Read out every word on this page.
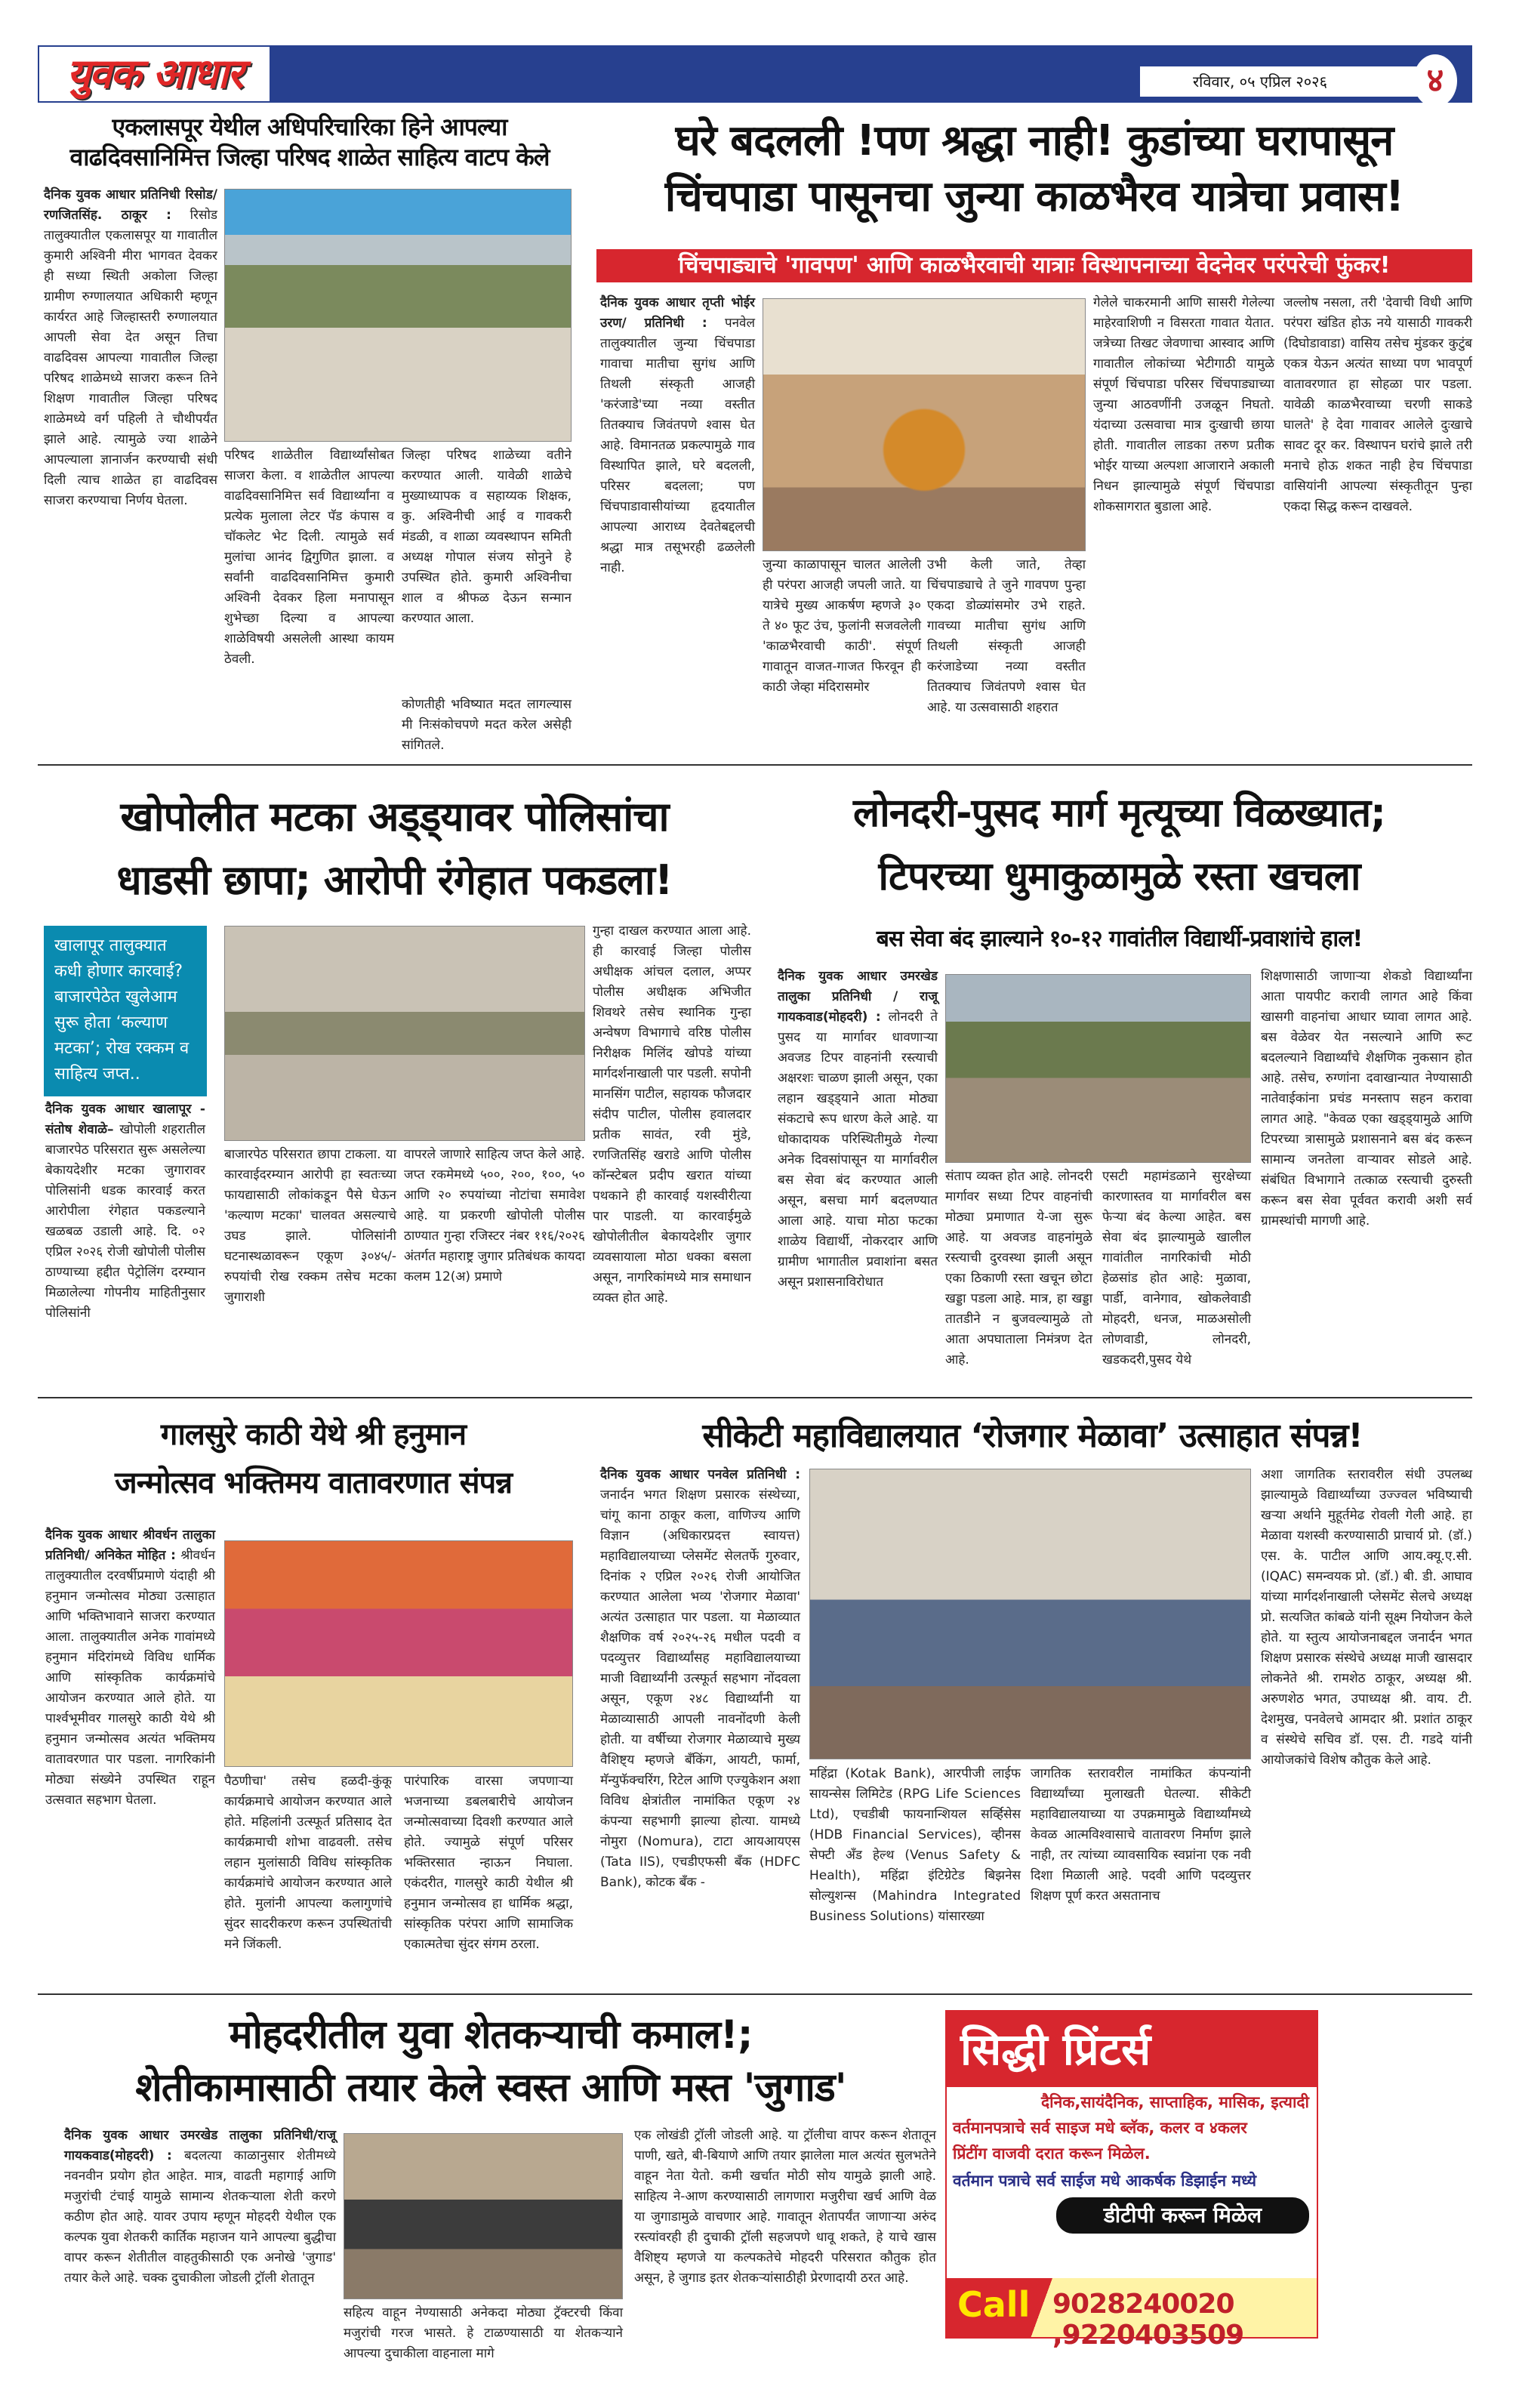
युवक आधार	रविवार, ०५ एप्रिल २०२६	४
एकलासपूर येथील अधिपरिचारिका हिने आपल्या
वाढदिवसानिमित्त जिल्हा परिषद शाळेत साहित्य वाटप केले
दैनिक युवक आधार प्रतिनिधी रिसोड/ रणजितसिंह. ठाकूर : रिसोड तालुक्यातील एकलासपूर या गावातील कुमारी अश्विनी मीरा भागवत देवकर ही सध्या स्थिती अकोला जिल्हा ग्रामीण रुग्णालयात अधिकारी म्हणून कार्यरत आहे जिल्हास्तरी रुग्णालयात आपली सेवा देत असून तिचा वाढदिवस आपल्या गावातील जिल्हा परिषद शाळेमध्ये साजरा करून तिने शिक्षण गावातील जिल्हा परिषद शाळेमध्ये वर्ग पहिली ते चौथीपर्यंत झाले आहे. त्यामुळे ज्या शाळेने आपल्याला ज्ञानार्जन करण्याची संधी दिली त्याच शाळेत हा वाढदिवस साजरा करण्याचा निर्णय घेतला.
परिषद शाळेतील विद्यार्थ्यांसोबत साजरा केला. व शाळेतील आपल्या वाढदिवसानिमित्त सर्व विद्यार्थ्यांना व प्रत्येक मुलाला लेटर पॅड कंपास व चॉकलेट भेट दिली. त्यामुळे सर्व मुलांचा आनंद द्विगुणित झाला. व सर्वांनी वाढदिवसानिमित्त कुमारी अश्विनी देवकर हिला मनापासून शुभेच्छा दिल्या व आपल्या शाळेविषयी असलेली आस्था कायम ठेवली.
जिल्हा परिषद शाळेच्या वतीने करण्यात आली. यावेळी शाळेचे मुख्याध्यापक व सहाय्यक शिक्षक, कु. अश्विनीची आई व गावकरी मंडळी, व शाळा व्यवस्थापन समिती अध्यक्ष गोपाल संजय सोनुने हे उपस्थित होते. कुमारी अश्विनीचा शाल व श्रीफळ देऊन सन्मान करण्यात आला.
कोणतीही भविष्यात मदत लागल्यास मी निःसंकोचपणे मदत करेल असेही सांगितले.
घरे बदलली !पण श्रद्धा नाही! कुडांच्या घरापासून
चिंचपाडा पासूनचा जुन्या काळभैरव यात्रेचा प्रवास!
चिंचपाड्याचे 'गावपण' आणि काळभैरवाची यात्राः विस्थापनाच्या वेदनेवर परंपरेची फुंकर!
दैनिक युवक आधार तृप्ती भोईर उरण/ प्रतिनिधी : पनवेल तालुक्यातील जुन्या चिंचपाडा गावाचा मातीचा सुगंध आणि तिथली संस्कृती आजही 'करंजाडे'च्या नव्या वस्तीत तितक्याच जिवंतपणे श्वास घेत आहे. विमानतळ प्रकल्पामुळे गाव विस्थापित झाले, घरे बदलली, परिसर बदलला; पण चिंचपाडावासीयांच्या हृदयातील आपल्या आराध्य देवतेबद्दलची श्रद्धा मात्र तसूभरही ढळलेली नाही.	जुन्या काळापासून चालत आलेली ही परंपरा आजही जपली जाते. या यात्रेचे मुख्य आकर्षण म्हणजे ३० ते ४० फूट उंच, फुलांनी सजवलेली 'काळभैरवाची काठी'. संपूर्ण गावातून वाजत-गाजत फिरवून ही काठी जेव्हा मंदिरासमोर
उभी केली जाते, तेव्हा चिंचपाड्याचे ते जुने गावपण पुन्हा एकदा डोळ्यांसमोर उभे राहते. गावच्या मातीचा सुगंध आणि तिथली संस्कृती आजही करंजाडेच्या नव्या वस्तीत तितक्याच जिवंतपणे श्वास घेत आहे. या उत्सवासाठी शहरात
गेलेले चाकरमानी आणि सासरी गेलेल्या माहेरवाशिणी न विसरता गावात येतात. जत्रेच्या तिखट जेवणाचा आस्वाद आणि गावातील लोकांच्या भेटीगाठी यामुळे संपूर्ण चिंचपाडा परिसर चिंचपाड्याच्या जुन्या आठवणींनी उजळून निघतो. यंदाच्या उत्सवाचा मात्र दुःखाची छाया होती. गावातील लाडका तरुण प्रतीक भोईर याच्या अल्पशा आजाराने अकाली निधन झाल्यामुळे संपूर्ण चिंचपाडा शोकसागरात बुडाला आहे.
जल्लोष नसला, तरी 'देवाची विधी आणि परंपरा खंडित होऊ नये यासाठी गावकरी (दिघोडावाडा) वासिय तसेच मुंडकर कुटुंब एकत्र येऊन अत्यंत साध्या पण भावपूर्ण वातावरणात हा सोहळा पार पडला. यावेळी काळभैरवाच्या चरणी साकडे घालते' हे देवा गावावर आलेले दुःखाचे सावट दूर कर. विस्थापन घरांचे झाले तरी मनाचे होऊ शकत नाही हेच चिंचपाडा वासियांनी आपल्या संस्कृतीतून पुन्हा एकदा सिद्ध करून दाखवले.
खोपोलीत मटका अड्ड्यावर पोलिसांचा
धाडसी छापा; आरोपी रंगेहात पकडला!
खालापूर तालुक्यात कधी होणार कारवाई? बाजारपेठेत खुलेआम सुरू होता ‘कल्याण मटका’; रोख रक्कम व साहित्य जप्त..
दैनिक युवक आधार खालापूर - संतोष शेवाळे– खोपोली शहरातील बाजारपेठ परिसरात सुरू असलेल्या बेकायदेशीर मटका जुगारावर पोलिसांनी धडक कारवाई करत आरोपीला रंगेहात पकडल्याने खळबळ उडाली आहे. दि. ०२ एप्रिल २०२६ रोजी खोपोली पोलीस ठाण्याच्या हद्दीत पेट्रोलिंग दरम्यान मिळालेल्या गोपनीय माहितीनुसार पोलिसांनी
बाजारपेठ परिसरात छापा टाकला. या कारवाईदरम्यान आरोपी हा स्वतःच्या फायद्यासाठी लोकांकडून पैसे घेऊन 'कल्याण मटका' चालवत असल्याचे उघड झाले. पोलिसांनी घटनास्थळावरून एकूण ३०४५/- रुपयांची रोख रक्कम तसेच मटका जुगाराशी
वापरले जाणारे साहित्य जप्त केले आहे. जप्त रकमेमध्ये ५००, २००, १००, ५० आणि २० रुपयांच्या नोटांचा समावेश आहे. या प्रकरणी खोपोली पोलीस ठाण्यात गुन्हा रजिस्टर नंबर ११६/२०२६ अंतर्गत महाराष्ट्र जुगार प्रतिबंधक कायदा कलम 12(अ) प्रमाणे
गुन्हा दाखल करण्यात आला आहे. ही कारवाई जिल्हा पोलीस अधीक्षक आंचल दलाल, अप्पर पोलीस अधीक्षक अभिजीत शिवथरे तसेच स्थानिक गुन्हा अन्वेषण विभागाचे वरिष्ठ पोलीस निरीक्षक मिलिंद खोपडे यांच्या मार्गदर्शनाखाली पार पडली. सपोनी मानसिंग पाटील, सहायक फौजदार संदीप पाटील, पोलीस हवालदार प्रतीक सावंत, रवी मुंडे, रणजितसिंह खराडे आणि पोलीस कॉन्स्टेबल प्रदीप खरात यांच्या पथकाने ही कारवाई यशस्वीरीत्या पार पाडली. या कारवाईमुळे खोपोलीतील बेकायदेशीर जुगार व्यवसायाला मोठा धक्का बसला असून, नागरिकांमध्ये मात्र समाधान व्यक्त होत आहे.
लोनदरी-पुसद मार्ग मृत्यूच्या विळख्यात;
टिपरच्या धुमाकुळामुळे रस्ता खचला
बस सेवा बंद झाल्याने १०-१२ गावांतील विद्यार्थी-प्रवाशांचे हाल!
दैनिक युवक आधार उमरखेड तालुका प्रतिनिधी / राजू गायकवाड(मोहदरी) : लोनदरी ते पुसद या मार्गावर धावणाऱ्या अवजड टिपर वाहनांनी रस्त्याची अक्षरशः चाळण झाली असून, एका लहान खड्ड्याने आता मोठ्या संकटाचे रूप धारण केले आहे. या धोकादायक परिस्थितीमुळे गेल्या अनेक दिवसांपासून या मार्गावरील बस सेवा बंद करण्यात आली असून, बसचा मार्ग बदलण्यात आला आहे. याचा मोठा फटका शाळेय विद्यार्थी, नोकरदार आणि ग्रामीण भागातील प्रवाशांना बसत असून प्रशासनाविरोधात
संताप व्यक्त होत आहे. लोनदरी मार्गावर सध्या टिपर वाहनांची मोठ्या प्रमाणात ये-जा सुरू आहे. या अवजड वाहनांमुळे रस्त्याची दुरवस्था झाली असून एका ठिकाणी रस्ता खचून छोटा खड्डा पडला आहे. मात्र, हा खड्डा तातडीने न बुजवल्यामुळे तो आता अपघाताला निमंत्रण देत आहे.
एसटी महामंडळाने सुरक्षेच्या कारणास्तव या मार्गावरील बस फेऱ्या बंद केल्या आहेत. बस सेवा बंद झाल्यामुळे खालील गावांतील नागरिकांची मोठी हेळसांड होत आहे: मुळावा, पार्डी, वानेगाव, खोकलेवाडी मोहदरी, धनज, माळअसोली लोणवाडी, लोनदरी, खडकदरी,पुसद येथे
शिक्षणासाठी जाणाऱ्या शेकडो विद्यार्थ्यांना आता पायपीट करावी लागत आहे किंवा खासगी वाहनांचा आधार घ्यावा लागत आहे. बस वेळेवर येत नसल्याने आणि रूट बदलल्याने विद्यार्थ्यांचे शैक्षणिक नुकसान होत आहे. तसेच, रुग्णांना दवाखान्यात नेण्यासाठी नातेवाईकांना प्रचंड मनस्ताप सहन करावा लागत आहे. "केवळ एका खड्ड्यामुळे आणि टिपरच्या त्रासामुळे प्रशासनाने बस बंद करून सामान्य जनतेला वाऱ्यावर सोडले आहे. संबंधित विभागाने तत्काळ रस्त्याची दुरुस्ती करून बस सेवा पूर्ववत करावी अशी सर्व ग्रामस्थांची मागणी आहे.
गालसुरे काठी येथे श्री हनुमान
जन्मोत्सव भक्तिमय वातावरणात संपन्न
दैनिक युवक आधार श्रीवर्धन तालुका प्रतिनिधी/ अनिकेत मोहित : श्रीवर्धन तालुक्यातील दरवर्षीप्रमाणे यंदाही श्री हनुमान जन्मोत्सव मोठ्या उत्साहात आणि भक्तिभावाने साजरा करण्यात आला. तालुक्यातील अनेक गावांमध्ये हनुमान मंदिरांमध्ये विविध धार्मिक आणि सांस्कृतिक कार्यक्रमांचे आयोजन करण्यात आले होते. या पार्श्वभूमीवर गालसुरे काठी येथे श्री हनुमान जन्मोत्सव अत्यंत भक्तिमय वातावरणात पार पडला. नागरिकांनी मोठ्या संख्येने उपस्थित राहून उत्सवात सहभाग घेतला.
पैठणीचा' तसेच हळदी-कुंकू कार्यक्रमाचे आयोजन करण्यात आले होते. महिलांनी उत्स्फूर्त प्रतिसाद देत कार्यक्रमाची शोभा वाढवली. तसेच लहान मुलांसाठी विविध सांस्कृतिक कार्यक्रमांचे आयोजन करण्यात आले होते. मुलांनी आपल्या कलागुणांचे सुंदर सादरीकरण करून उपस्थितांची मने जिंकली.
पारंपारिक वारसा जपणाऱ्या भजनाच्या डबलबारीचे आयोजन जन्मोत्सवाच्या दिवशी करण्यात आले होते. ज्यामुळे संपूर्ण परिसर भक्तिरसात न्हाऊन निघाला. एकंदरीत, गालसुरे काठी येथील श्री हनुमान जन्मोत्सव हा धार्मिक श्रद्धा, सांस्कृतिक परंपरा आणि सामाजिक एकात्मतेचा सुंदर संगम ठरला.
सीकेटी महाविद्यालयात ‘रोजगार मेळावा’ उत्साहात संपन्न!
दैनिक युवक आधार पनवेल प्रतिनिधी : जनार्दन भगत शिक्षण प्रसारक संस्थेच्या, चांगू काना ठाकूर कला, वाणिज्य आणि विज्ञान (अधिकारप्रदत्त स्वायत्त) महाविद्यालयाच्या प्लेसमेंट सेलतर्फे गुरुवार, दिनांक २ एप्रिल २०२६ रोजी आयोजित करण्यात आलेला भव्य 'रोजगार मेळावा' अत्यंत उत्साहात पार पडला. या मेळाव्यात शैक्षणिक वर्ष २०२५-२६ मधील पदवी व पदव्युत्तर विद्यार्थ्यांसह महाविद्यालयाच्या माजी विद्यार्थ्यांनी उत्स्फूर्त सहभाग नोंदवला असून, एकूण २४८ विद्यार्थ्यांनी या मेळाव्यासाठी आपली नावनोंदणी केली होती. या वर्षीच्या रोजगार मेळाव्याचे मुख्य वैशिष्ट्य म्हणजे बँकिंग, आयटी, फार्मा, मॅन्युफॅक्चरिंग, रिटेल आणि एज्युकेशन अशा विविध क्षेत्रांतील नामांकित एकूण २४ कंपन्या सहभागी झाल्या होत्या. यामध्ये नोमुरा (Nomura), टाटा आयआयएस (Tata IIS), एचडीएफसी बँक (HDFC Bank), कोटक बँक -
महिंद्रा (Kotak Bank), आरपीजी लाईफ सायन्सेस लिमिटेड (RPG Life Sciences Ltd), एचडीबी फायनान्शियल सर्व्हिसेस (HDB Financial Services), व्हीनस सेफ्टी अँड हेल्थ (Venus Safety & Health), महिंद्रा इंटिग्रेटेड बिझनेस सोल्युशन्स (Mahindra Integrated Business Solutions) यांसारख्या
जागतिक स्तरावरील नामांकित कंपन्यांनी विद्यार्थ्यांच्या मुलाखती घेतल्या. सीकेटी महाविद्यालयाच्या या उपक्रमामुळे विद्यार्थ्यांमध्ये केवळ आत्मविश्वासाचे वातावरण निर्माण झाले नाही, तर त्यांच्या व्यावसायिक स्वप्नांना एक नवी दिशा मिळाली आहे. पदवी आणि पदव्युत्तर शिक्षण पूर्ण करत असतानाच
अशा जागतिक स्तरावरील संधी उपलब्ध झाल्यामुळे विद्यार्थ्यांच्या उज्ज्वल भविष्याची खऱ्या अर्थाने मुहूर्तमेढ रोवली गेली आहे. हा मेळावा यशस्वी करण्यासाठी प्राचार्य प्रो. (डॉ.) एस. के. पाटील आणि आय.क्यू.ए.सी. (IQAC) समन्वयक प्रो. (डॉ.) बी. डी. आघाव यांच्या मार्गदर्शनाखाली प्लेसमेंट सेलचे अध्यक्ष प्रो. सत्यजित कांबळे यांनी सूक्ष्म नियोजन केले होते. या स्तुत्य आयोजनाबद्दल जनार्दन भगत शिक्षण प्रसारक संस्थेचे अध्यक्ष माजी खासदार लोकनेते श्री. रामशेठ ठाकूर, अध्यक्ष श्री. अरुणशेठ भगत, उपाध्यक्ष श्री. वाय. टी. देशमुख, पनवेलचे आमदार श्री. प्रशांत ठाकूर व संस्थेचे सचिव डॉ. एस. टी. गडदे यांनी आयोजकांचे विशेष कौतुक केले आहे.
मोहदरीतील युवा शेतकऱ्याची कमाल!;
शेतीकामासाठी तयार केले स्वस्त आणि मस्त 'जुगाड'
दैनिक युवक आधार उमरखेड तालुका प्रतिनिधी/राजू गायकवाड(मोहदरी) : बदलत्या काळानुसार शेतीमध्ये नवनवीन प्रयोग होत आहेत. मात्र, वाढती महागाई आणि मजुरांची टंचाई यामुळे सामान्य शेतकऱ्याला शेती करणे कठीण होत आहे. यावर उपाय म्हणून मोहदरी येथील एक कल्पक युवा शेतकरी कार्तिक महाजन याने आपल्या बुद्धीचा वापर करून शेतीतील वाहतुकीसाठी एक अनोखे 'जुगाड' तयार केले आहे. चक्क दुचाकीला जोडली ट्रॉली शेतातून
सहित्य वाहून नेण्यासाठी अनेकदा मोठ्या ट्रॅक्टरची किंवा मजुरांची गरज भासते. हे टाळण्यासाठी या शेतकऱ्याने आपल्या दुचाकीला वाहनाला मागे
एक लोखंडी ट्रॉली जोडली आहे. या ट्रॉलीचा वापर करून शेतातून पाणी, खते, बी-बियाणे आणि तयार झालेला माल अत्यंत सुलभतेने वाहून नेता येतो. कमी खर्चात मोठी सोय यामुळे झाली आहे. साहित्य ने-आण करण्यासाठी लागणारा मजुरीचा खर्च आणि वेळ या जुगाडामुळे वाचणार आहे. गावातून शेतापर्यंत जाणाऱ्या अरुंद रस्त्यांवरही ही दुचाकी ट्रॉली सहजपणे धावू शकते, हे याचे खास वैशिष्ट्य म्हणजे या कल्पकतेचे मोहदरी परिसरात कौतुक होत असून, हे जुगाड इतर शेतकऱ्यांसाठीही प्रेरणादायी ठरत आहे.
सिद्धी प्रिंटर्स
दैनिक,सायंदैनिक, साप्ताहिक, मासिक, इत्यादी
वर्तमानपत्राचे सर्व साइज मधे ब्लॅक, कलर व ४कलर
प्रिंटींग वाजवी दरात करून मिळेल.
वर्तमान पत्राचे सर्व साईज मधे आकर्षक डिझाईन मध्ये
डीटीपी करून मिळेल
Call 9028240020 ,9220403509
